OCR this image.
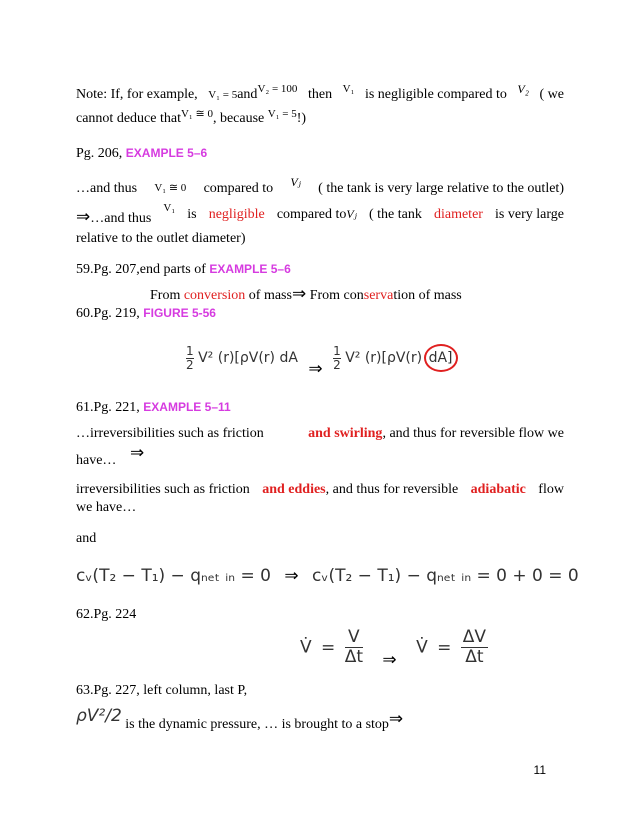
Note: If, for example, V₁ = 5and$^{V_2 = 100}$ then V₁ is negligible compared to V₂ ( we
cannot deduce that$^{V_1 ≅ 0}$, because $^{V_1 = 5}$!)
Pg. 206, EXAMPLE 5–6
…and thus V₁ ≅ 0 compared to Vⱼ ( the tank is very large relative to the outlet)
⇒…and thus
V₁ is negligible compared toVⱼ ( the tank diameter is very large
relative to the outlet diameter)
59.Pg. 207,end parts of EXAMPLE 5–6
From conversion of mass⇒ From conservation of mass
60.Pg. 219, FIGURE 5-56
$\frac{1}{2} V^2$ (r)[ρV(r) dA ⇒ $\frac{1}{2} V^2$ (r)[ρV(r) dA]
61.Pg. 221, EXAMPLE 5–11
…irreversibilities such as friction	and swirling, and thus for reversible flow we
have… ⇒
irreversibilities such as friction and eddies, and thus for reversible adiabatic flow
we have…
and
cᵥ(T₂ − T₁) − qₙₑₜ ᵢₙ = 0 ⇒ cᵥ(T₂ − T₁) − qₙₑₜ ᵢₙ = 0 + 0 = 0
62.Pg. 224
V̇ = $\frac{V}{\Delta t}$ ⇒ V̇ = $\frac{\Delta V}{\Delta t}$
63.Pg. 227, left column, last P,
ρV²/2 is the dynamic pressure, … is brought to a stop⇒
11
